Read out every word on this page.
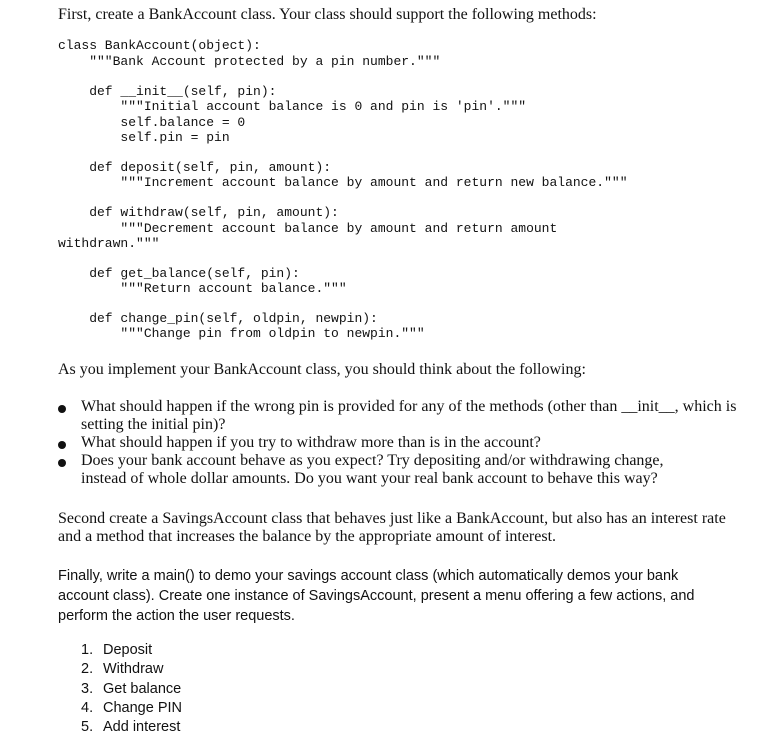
First, create a BankAccount class. Your class should support the following methods:
class BankAccount(object):
"""Bank Account protected by a pin number."""
def __init__(self, pin):
"""Initial account balance is 0 and pin is 'pin'."""
self.balance = 0
self.pin = pin
def deposit(self, pin, amount):
"""Increment account balance by amount and return new balance."""
def withdraw(self, pin, amount):
"""Decrement account balance by amount and return amount
withdrawn."""
def get_balance(self, pin):
"""Return account balance."""
def change_pin(self, oldpin, newpin):
"""Change pin from oldpin to newpin."""
As you implement your BankAccount class, you should think about the following:
What should happen if the wrong pin is provided for any of the methods (other than __init__, which is setting the initial pin)?
What should happen if you try to withdraw more than is in the account?
Does your bank account behave as you expect? Try depositing and/or withdrawing change, instead of whole dollar amounts. Do you want your real bank account to behave this way?
Second create a SavingsAccount class that behaves just like a BankAccount, but also has an interest rate and a method that increases the balance by the appropriate amount of interest.
Finally, write a main() to demo your savings account class (which automatically demos your bank account class). Create one instance of SavingsAccount, present a menu offering a few actions, and perform the action the user requests.
1. Deposit
2. Withdraw
3. Get balance
4. Change PIN
5. Add interest
